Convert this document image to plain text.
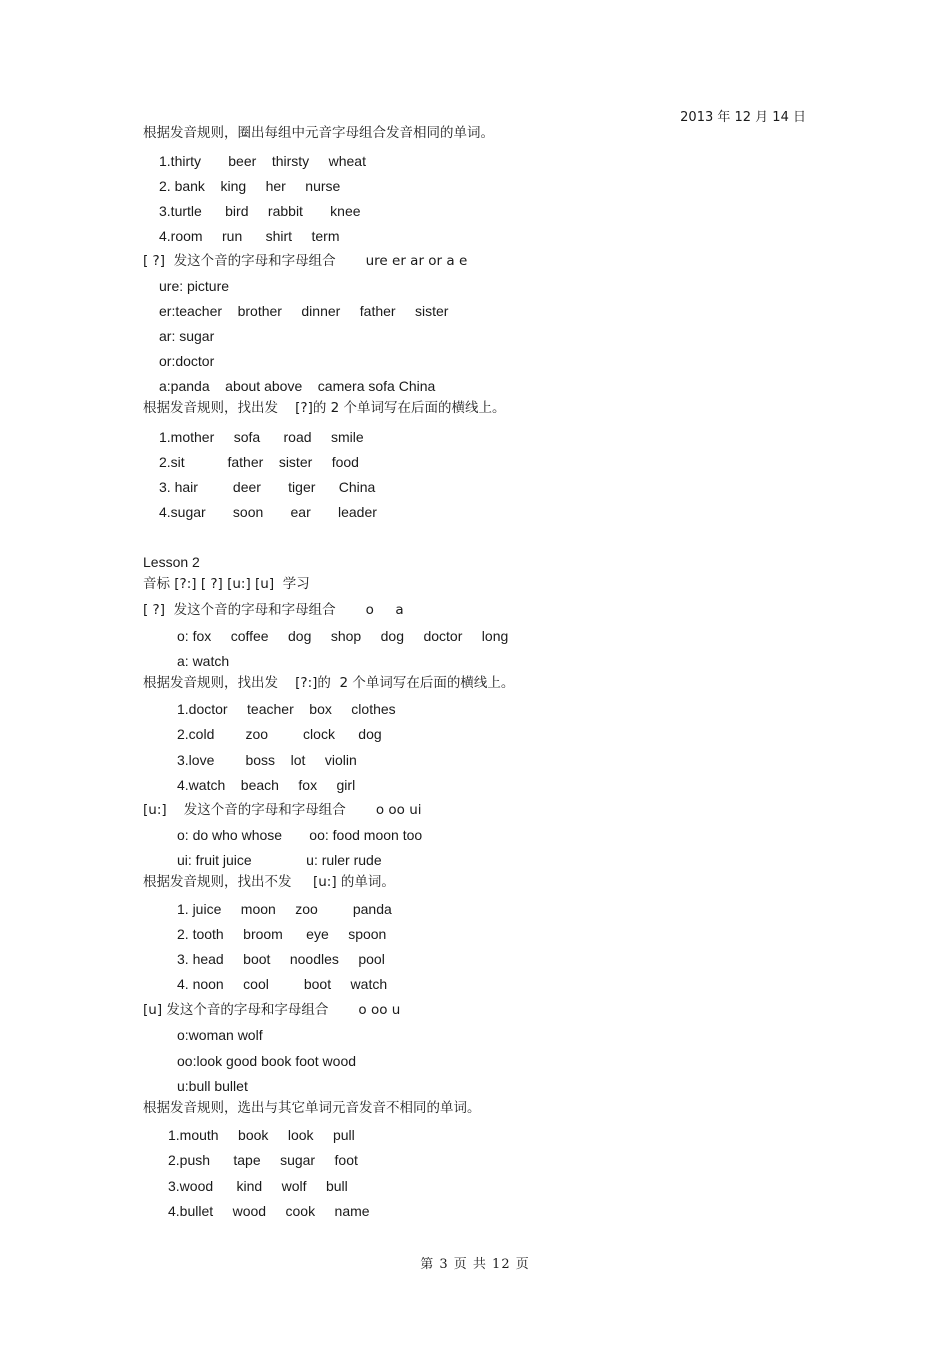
2013 年 12 月 14 日
根据发音规则，圈出每组中元音字母组合发音相同的单词。
1.thirty       beer    thirsty     wheat
2. bank    king     her     nurse
3.turtle      bird     rabbit       knee
4.room     run      shirt     term
[ ?]  发这个音的字母和字母组合       ure er ar or a e
ure: picture
er:teacher    brother     dinner     father     sister
ar: sugar
or:doctor
a:panda    about above    camera sofa China
根据发音规则，找出发    [?]的 2 个单词写在后面的横线上。
1.mother     sofa      road     smile
2.sit           father    sister     food
3. hair         deer       tiger      China
4.sugar       soon       ear       leader
Lesson 2
音标 [?:] [ ?] [u:] [u]  学习
[ ?]  发这个音的字母和字母组合       o     a
o: fox     coffee     dog     shop     dog     doctor     long
a: watch
根据发音规则，找出发    [?:]的  2 个单词写在后面的横线上。
1.doctor     teacher    box     clothes
2.cold        zoo         clock      dog
3.love        boss    lot     violin
4.watch    beach     fox     girl
[u:]    发这个音的字母和字母组合       o oo ui
o: do who whose       oo: food moon too
ui: fruit juice              u: ruler rude
根据发音规则，找出不发     [u:] 的单词。
1. juice     moon     zoo         panda
2. tooth     broom      eye     spoon
3. head     boot     noodles     pool
4. noon     cool         boot     watch
[u] 发这个音的字母和字母组合       o oo u
o:woman wolf
oo:look good book foot wood
u:bull bullet
根据发音规则，选出与其它单词元音发音不相同的单词。
1.mouth     book     look     pull
2.push      tape     sugar     foot
3.wood      kind     wolf     bull
4.bullet     wood     cook     name
第 3 页 共 12 页
